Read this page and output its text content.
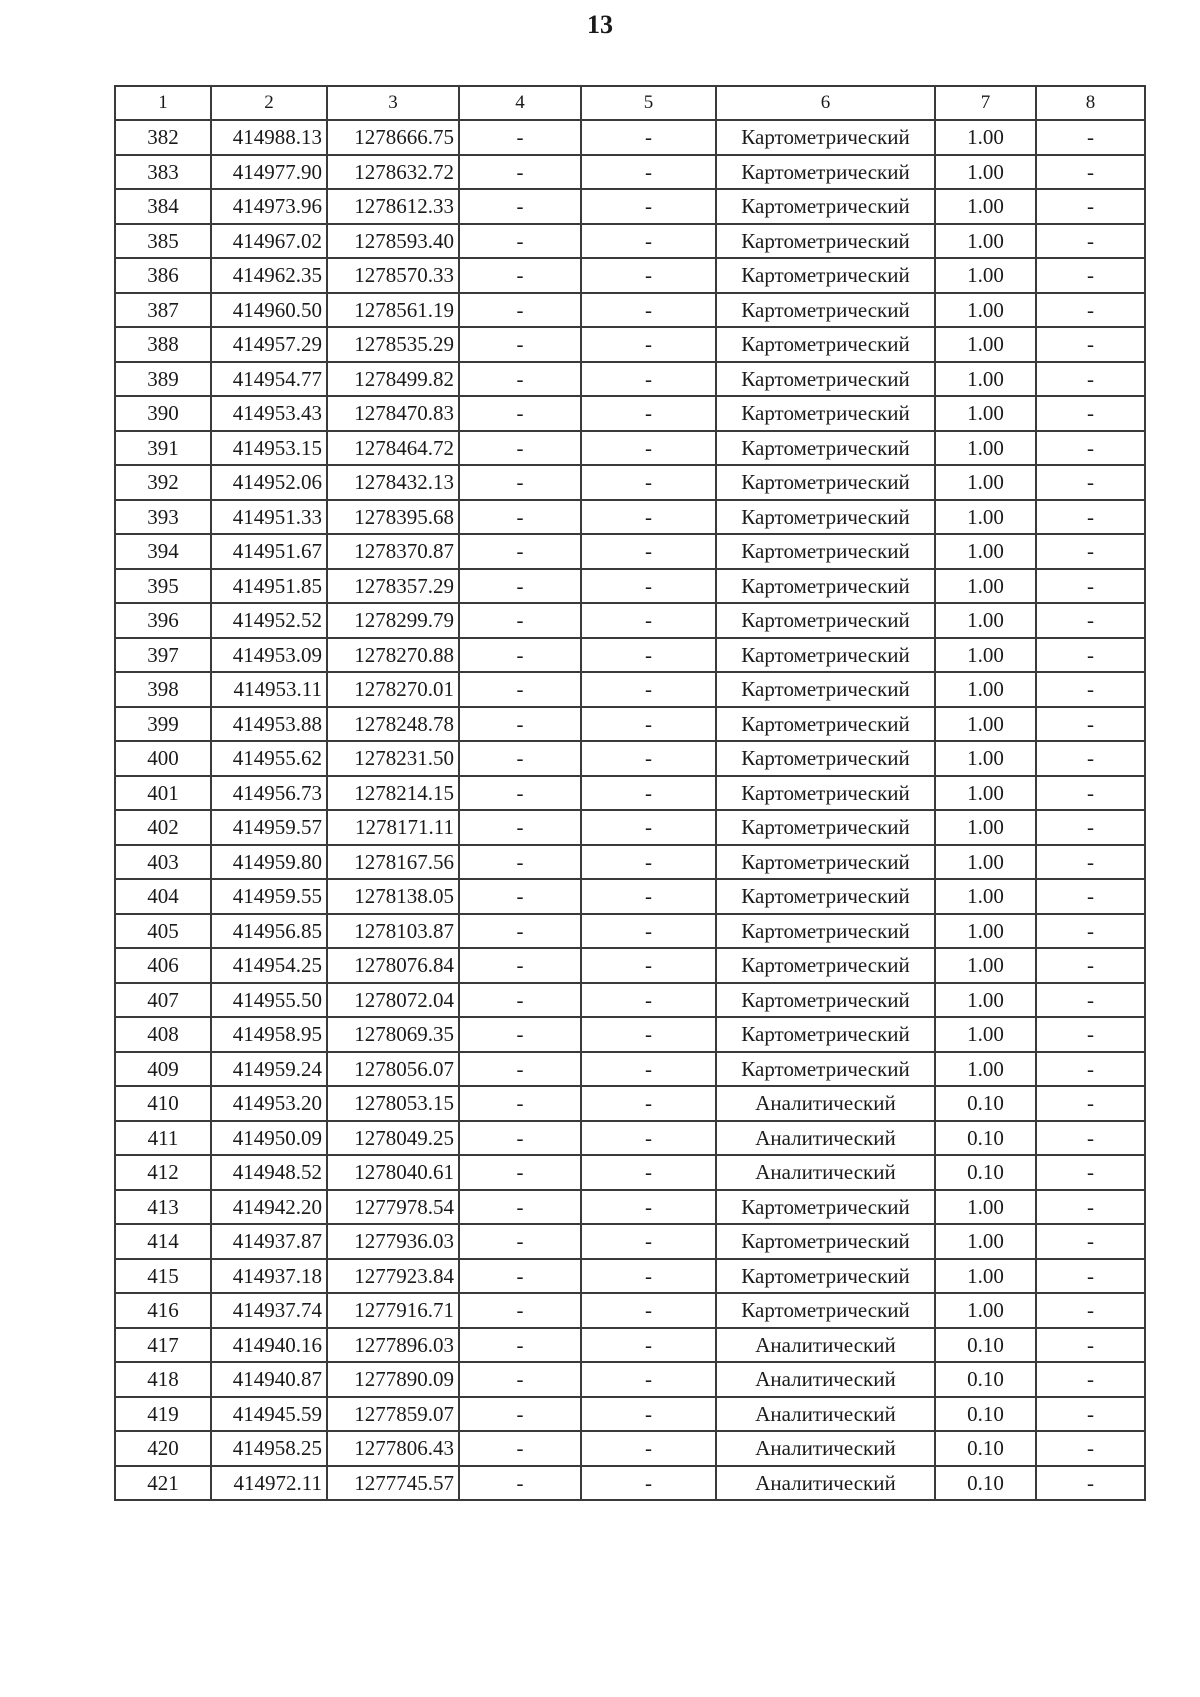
13
1	2	3	4	5	6	7	8
382	414988.13	1278666.75	-	-	Картометрический	1.00	-
383	414977.90	1278632.72	-	-	Картометрический	1.00	-
384	414973.96	1278612.33	-	-	Картометрический	1.00	-
385	414967.02	1278593.40	-	-	Картометрический	1.00	-
386	414962.35	1278570.33	-	-	Картометрический	1.00	-
387	414960.50	1278561.19	-	-	Картометрический	1.00	-
388	414957.29	1278535.29	-	-	Картометрический	1.00	-
389	414954.77	1278499.82	-	-	Картометрический	1.00	-
390	414953.43	1278470.83	-	-	Картометрический	1.00	-
391	414953.15	1278464.72	-	-	Картометрический	1.00	-
392	414952.06	1278432.13	-	-	Картометрический	1.00	-
393	414951.33	1278395.68	-	-	Картометрический	1.00	-
394	414951.67	1278370.87	-	-	Картометрический	1.00	-
395	414951.85	1278357.29	-	-	Картометрический	1.00	-
396	414952.52	1278299.79	-	-	Картометрический	1.00	-
397	414953.09	1278270.88	-	-	Картометрический	1.00	-
398	414953.11	1278270.01	-	-	Картометрический	1.00	-
399	414953.88	1278248.78	-	-	Картометрический	1.00	-
400	414955.62	1278231.50	-	-	Картометрический	1.00	-
401	414956.73	1278214.15	-	-	Картометрический	1.00	-
402	414959.57	1278171.11	-	-	Картометрический	1.00	-
403	414959.80	1278167.56	-	-	Картометрический	1.00	-
404	414959.55	1278138.05	-	-	Картометрический	1.00	-
405	414956.85	1278103.87	-	-	Картометрический	1.00	-
406	414954.25	1278076.84	-	-	Картометрический	1.00	-
407	414955.50	1278072.04	-	-	Картометрический	1.00	-
408	414958.95	1278069.35	-	-	Картометрический	1.00	-
409	414959.24	1278056.07	-	-	Картометрический	1.00	-
410	414953.20	1278053.15	-	-	Аналитический	0.10	-
411	414950.09	1278049.25	-	-	Аналитический	0.10	-
412	414948.52	1278040.61	-	-	Аналитический	0.10	-
413	414942.20	1277978.54	-	-	Картометрический	1.00	-
414	414937.87	1277936.03	-	-	Картометрический	1.00	-
415	414937.18	1277923.84	-	-	Картометрический	1.00	-
416	414937.74	1277916.71	-	-	Картометрический	1.00	-
417	414940.16	1277896.03	-	-	Аналитический	0.10	-
418	414940.87	1277890.09	-	-	Аналитический	0.10	-
419	414945.59	1277859.07	-	-	Аналитический	0.10	-
420	414958.25	1277806.43	-	-	Аналитический	0.10	-
421	414972.11	1277745.57	-	-	Аналитический	0.10	-
